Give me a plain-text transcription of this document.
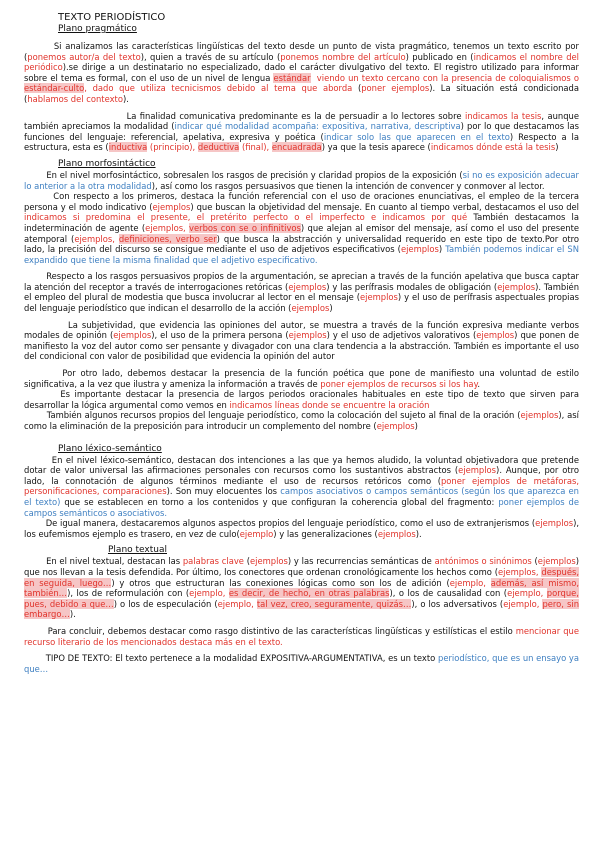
TEXTO PERIODÍSTICO
Plano pragmático

Si analizamos las características lingüísticas del texto desde un punto de vista pragmático, tenemos un texto escrito por (ponemos autor/a del texto), quien a través de su artículo (ponemos nombre del artículo) publicado en (indicamos el nombre del periódico).se dirige a un destinatario no especializado, dado el carácter divulgativo del texto. El registro utilizado para informar sobre el tema es formal, con el uso de un nivel de lengua estándar  viendo un texto cercano con la presencia de coloquialismos o estándar-culto, dado que utiliza tecnicismos debido al tema que aborda (poner ejemplos). La situación está condicionada (hablamos del contexto).

La finalidad comunicativa predominante es la de persuadir a lo lectores sobre indicamos la tesis, aunque también apreciamos la modalidad (indicar qué modalidad acompaña: expositiva, narrativa, descriptiva) por lo que destacamos las funciones del lenguaje: referencial, apelativa, expresiva y poética (indicar solo las que aparecen en el texto) Respecto a la estructura, esta es (inductiva (principio), deductiva (final), encuadrada) ya que la tesis aparece (indicamos dónde está la tesis)

Plano morfosintáctico

En el nivel morfosintáctico, sobresalen los rasgos de precisión y claridad propios de la exposición (si no es exposición adecuar lo anterior a la otra modalidad), así como los rasgos persuasivos que tienen la intención de convencer y conmover al lector.

Con respecto a los primeros, destaca la función referencial con el uso de oraciones enunciativas, el empleo de la tercera persona y el modo indicativo (ejemplos) que buscan la objetividad del mensaje. En cuanto al tiempo verbal, destacamos el uso del indicamos si predomina el presente, el pretérito perfecto o el imperfecto e indicamos por qué También destacamos la indeterminación de agente (ejemplos, verbos con se o infinitivos) que alejan al emisor del mensaje, así como el uso del presente atemporal (ejemplos, definiciones, verbo ser) que busca la abstracción y universalidad requerido en este tipo de texto.Por otro lado, la precisión del discurso se consigue mediante el uso de adjetivos especificativos (ejemplos) También podemos indicar el SN expandido que tiene la misma finalidad que el adjetivo especificativo.

Respecto a los rasgos persuasivos propios de la argumentación, se aprecian a través de la función apelativa que busca captar la atención del receptor a través de interrogaciones retóricas (ejemplos) y las perífrasis modales de obligación (ejemplos). También el empleo del plural de modestia que busca involucrar al lector en el mensaje (ejemplos) y el uso de perífrasis aspectuales propias del lenguaje periodístico que indican el desarrollo de la acción (ejemplos)

La subjetividad, que evidencia las opiniones del autor, se muestra a través de la función expresiva mediante verbos modales de opinión (ejemplos), el uso de la primera persona (ejemplos) y el uso de adjetivos valorativos (ejemplos) que ponen de manifiesto la voz del autor como ser pensante y divagador con una clara tendencia a la abstracción. También es importante el uso del condicional con valor de posibilidad que evidencia la opinión del autor

Por otro lado, debemos destacar la presencia de la función poética que pone de manifiesto una voluntad de estilo significativa, a la vez que ilustra y ameniza la información a través de poner ejemplos de recursos si los hay.

Es importante destacar la presencia de largos periodos oracionales habituales en este tipo de texto que sirven para desarrollar la lógica argumental como vemos en indicamos líneas donde se encuentre la oración

También algunos recursos propios del lenguaje periodístico, como la colocación del sujeto al final de la oración (ejemplos), así como la eliminación de la preposición para introducir un complemento del nombre (ejemplos)

Plano léxico-semántico

En el nivel léxico-semántico, destacan dos intenciones a las que ya hemos aludido, la voluntad objetivadora que pretende dotar de valor universal las afirmaciones personales con recursos como los sustantivos abstractos (ejemplos). Aunque, por otro lado, la connotación de algunos términos mediante el uso de recursos retóricos como (poner ejemplos de metáforas, personificaciones, comparaciones). Son muy elocuentes los campos asociativos o campos semánticos (según los que aparezca en el texto) que se establecen en torno a los contenidos y que configuran la coherencia global del fragmento: poner ejemplos de campos semánticos o asociativos.

De igual manera, destacaremos algunos aspectos propios del lenguaje periodístico, como el uso de extranjerismos (ejemplos), los eufemismos ejemplo es trasero, en vez de culo(ejemplo) y las generalizaciones (ejemplos).

Plano textual

En el nivel textual, destacan las palabras clave (ejemplos) y las recurrencias semánticas de antónimos o sinónimos (ejemplos) que nos llevan a la tesis defendida. Por último, los conectores que ordenan cronológicamente los hechos como (ejemplos, después, en seguida, luego…) y otros que estructuran las conexiones lógicas como son los de adición (ejemplo, además, así mismo, también…), los de reformulación con (ejemplo, es decir, de hecho, en otras palabras), o los de causalidad con (ejemplo, porque, pues, debido a que…) o los de especulación (ejemplo, tal vez, creo, seguramente, quizás…), o los adversativos (ejemplo, pero, sin embargo…).

Para concluir, debemos destacar como rasgo distintivo de las características lingüísticas y estilísticas el estilo mencionar que recurso literario de los mencionados destaca más en el texto.

TIPO DE TEXTO: El texto pertenece a la modalidad EXPOSITIVA-ARGUMENTATIVA, es un texto periodístico, que es un ensayo ya que…
